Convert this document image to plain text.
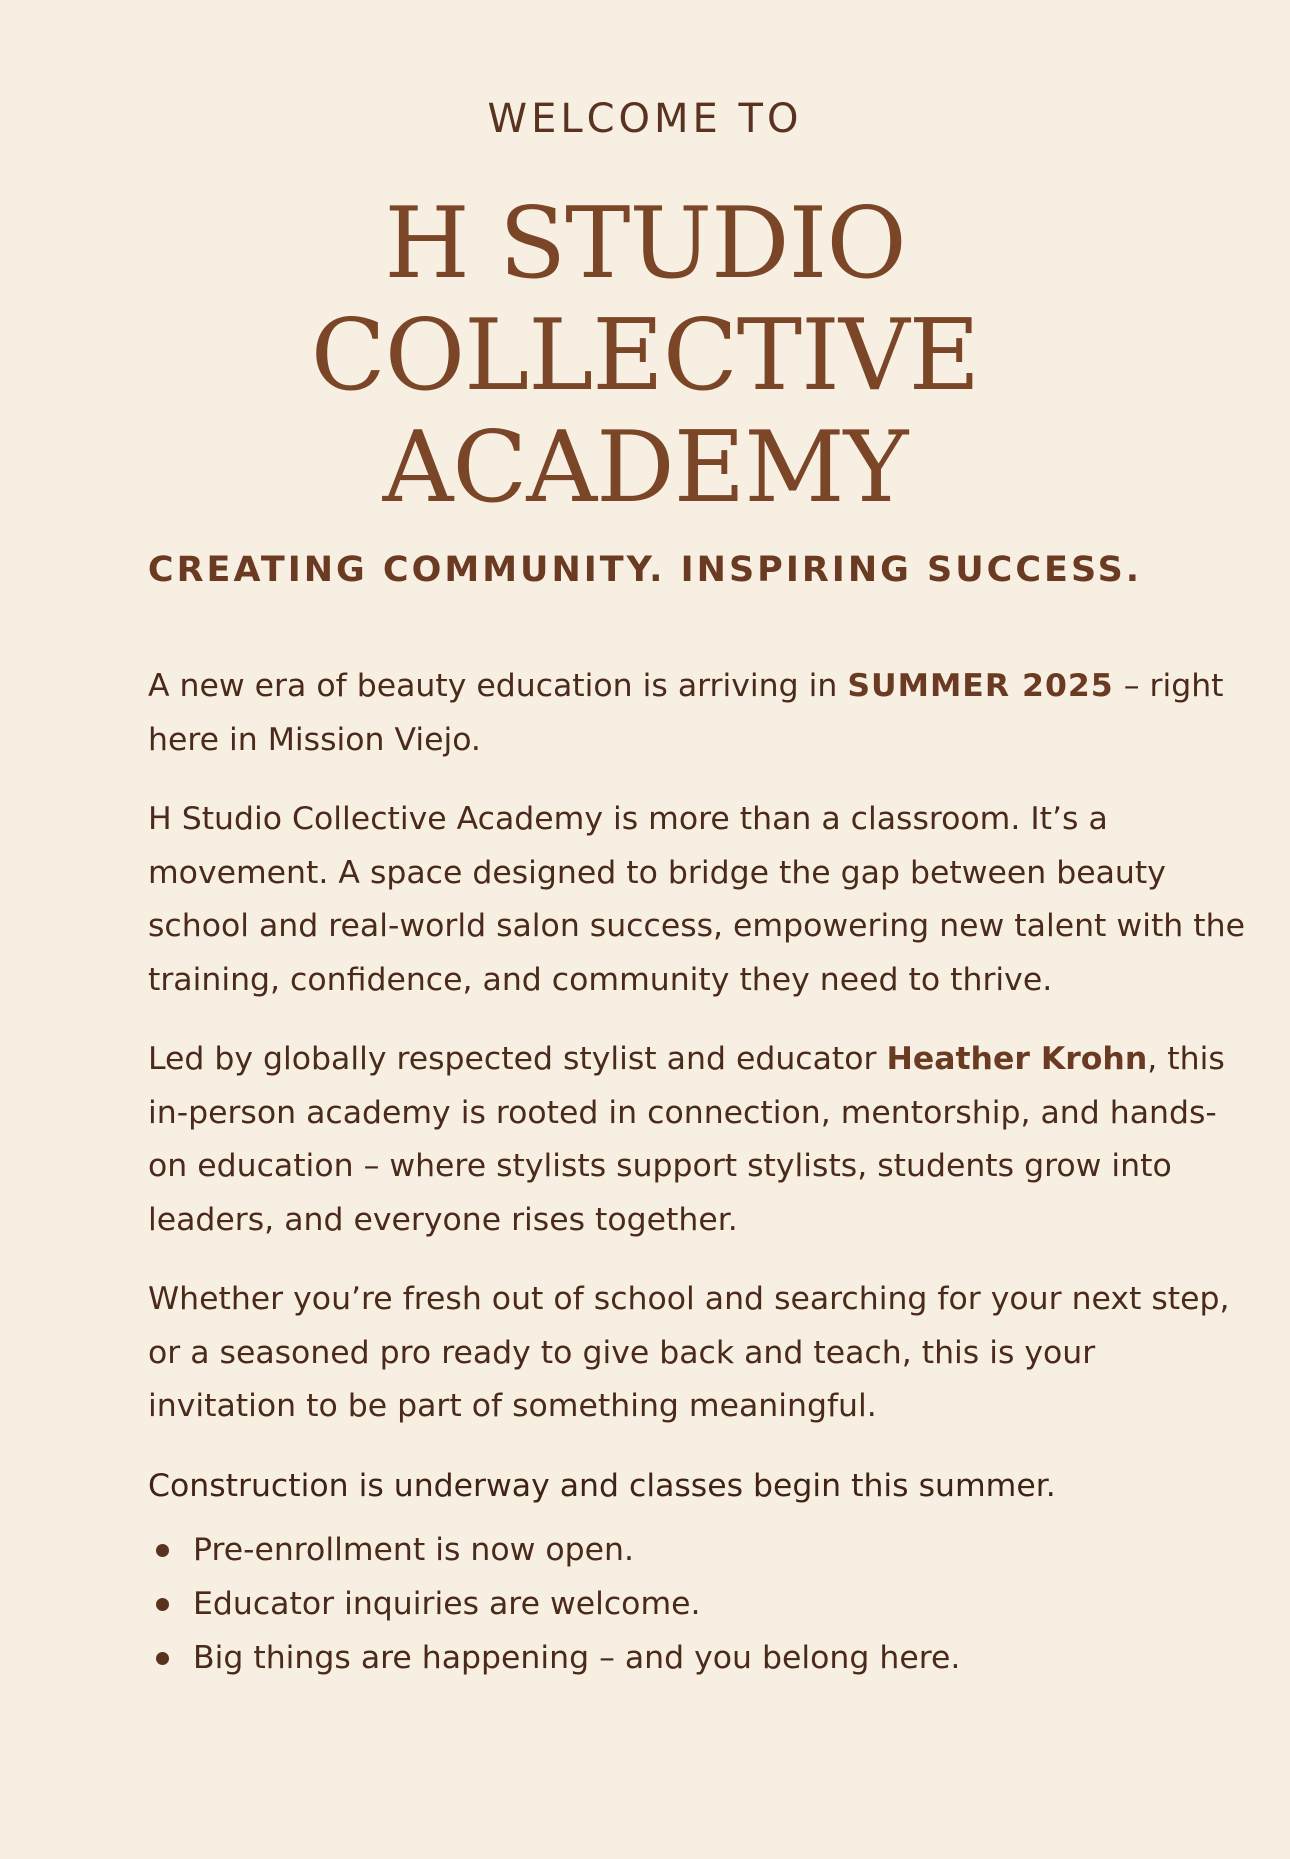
WELCOME TO
H STUDIO
COLLECTIVE
ACADEMY
CREATING COMMUNITY. INSPIRING SUCCESS.

A new era of beauty education is arriving in SUMMER 2025 – right here in Mission Viejo.

H Studio Collective Academy is more than a classroom. It’s a movement. A space designed to bridge the gap between beauty school and real-world salon success, empowering new talent with the training, confidence, and community they need to thrive.

Led by globally respected stylist and educator Heather Krohn, this in-person academy is rooted in connection, mentorship, and hands-on education – where stylists support stylists, students grow into leaders, and everyone rises together.

Whether you’re fresh out of school and searching for your next step, or a seasoned pro ready to give back and teach, this is your invitation to be part of something meaningful.

Construction is underway and classes begin this summer.

Pre-enrollment is now open.
Educator inquiries are welcome.
Big things are happening – and you belong here.
